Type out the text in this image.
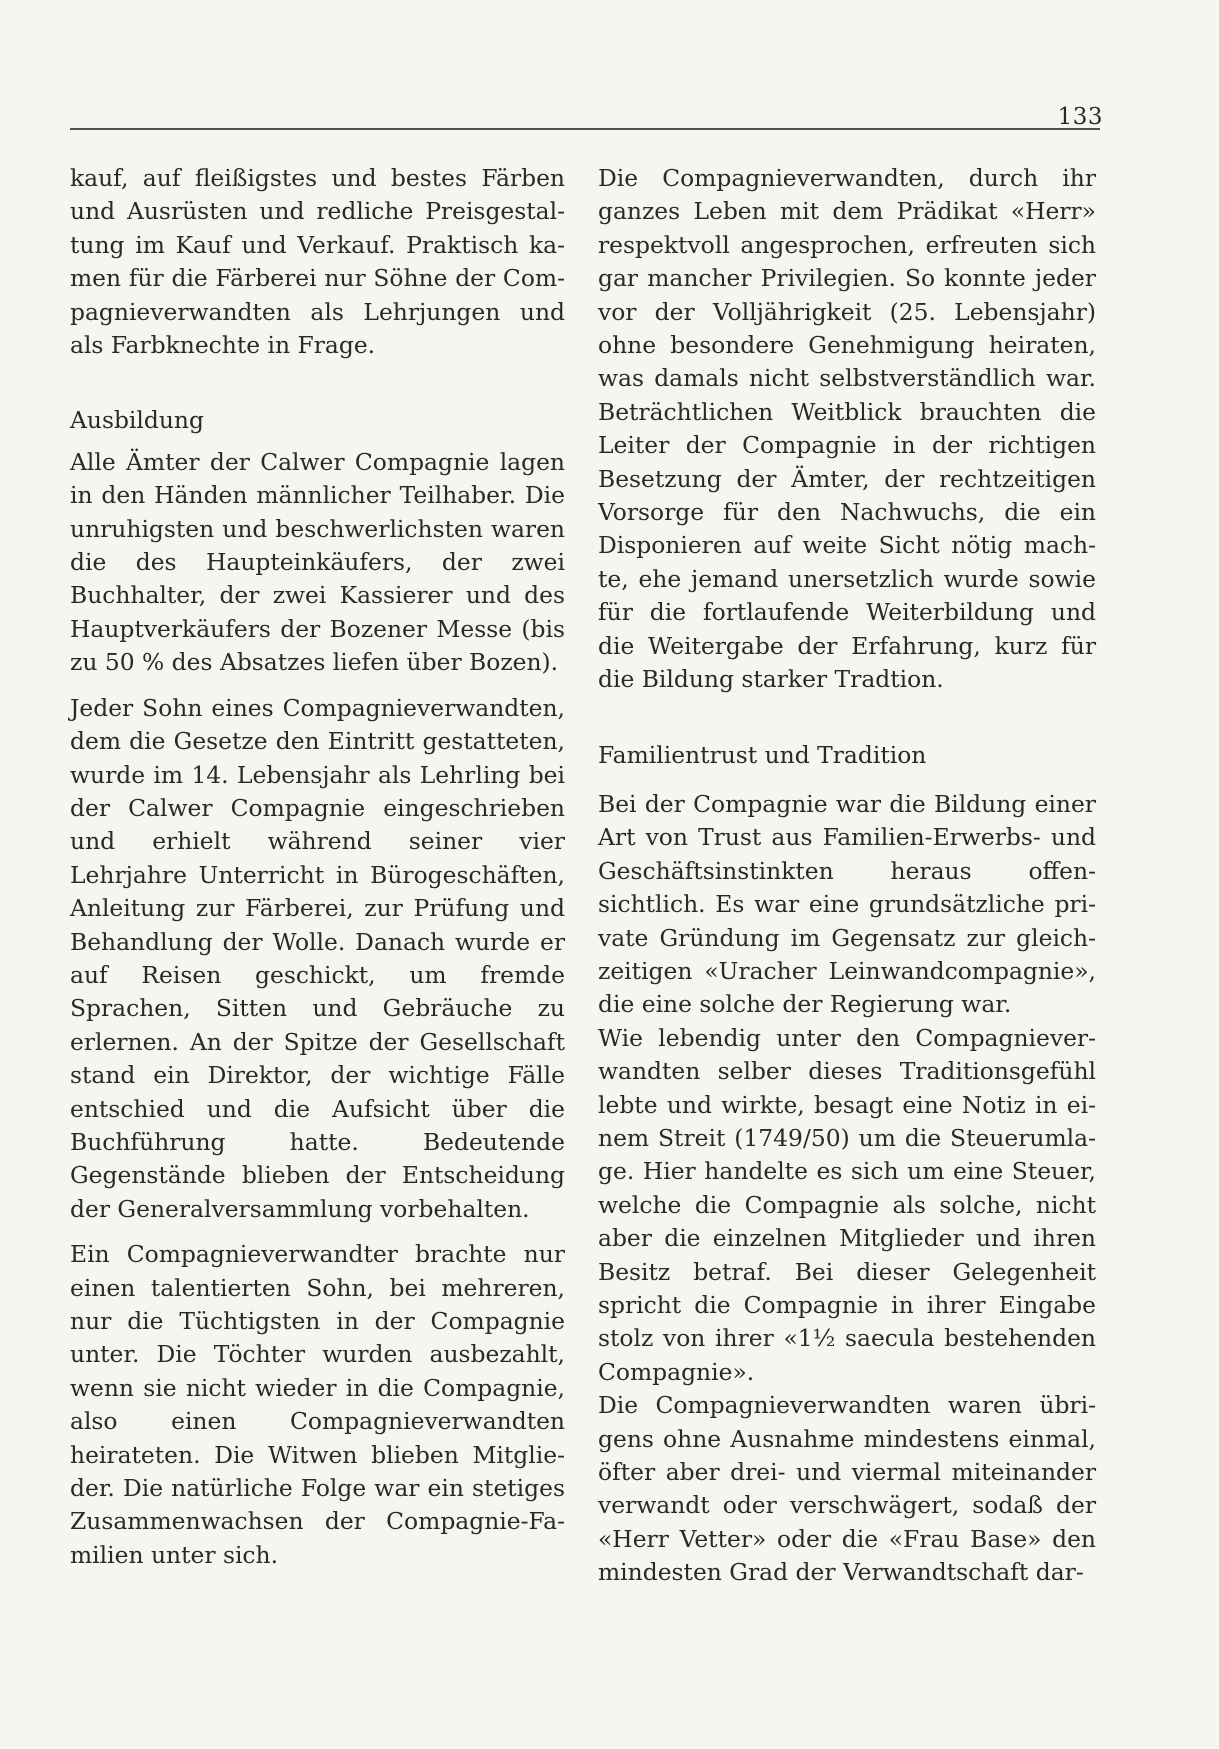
133

kauf, auf fleißigstes und bestes Färben und Ausrüsten und redliche Preisgestaltung im Kauf und Verkauf. Praktisch kamen für die Färberei nur Söhne der Compagnieverwandten als Lehrjungen und als Farbknechte in Frage.

Ausbildung

Alle Ämter der Calwer Compagnie lagen in den Händen männlicher Teilhaber. Die unruhigsten und beschwerlichsten waren die des Haupteinkäufers, der zwei Buchhalter, der zwei Kassierer und des Hauptverkäufers der Bozener Messe (bis zu 50 % des Absatzes liefen über Bozen).

Jeder Sohn eines Compagnieverwandten, dem die Gesetze den Eintritt gestatteten, wurde im 14. Lebensjahr als Lehrling bei der Calwer Compagnie eingeschrieben und erhielt während seiner vier Lehrjahre Unterricht in Bürogeschäften, Anleitung zur Färberei, zur Prüfung und Behandlung der Wolle. Danach wurde er auf Reisen geschickt, um fremde Sprachen, Sitten und Gebräuche zu erlernen. An der Spitze der Gesellschaft stand ein Direktor, der wichtige Fälle entschied und die Aufsicht über die Buchführung hatte. Bedeutende Gegenstände blieben der Entscheidung der Generalversammlung vorbehalten.

Ein Compagnieverwandter brachte nur einen talentierten Sohn, bei mehreren, nur die Tüchtigsten in der Compagnie unter. Die Töchter wurden ausbezahlt, wenn sie nicht wieder in die Compagnie, also einen Compagnieverwandten heirateten. Die Witwen blieben Mitglieder. Die natürliche Folge war ein stetiges Zusammenwachsen der Compagnie-Familien unter sich.

Die Compagnieverwandten, durch ihr ganzes Leben mit dem Prädikat «Herr» respektvoll angesprochen, erfreuten sich gar mancher Privilegien. So konnte jeder vor der Volljährigkeit (25. Lebensjahr) ohne besondere Genehmigung heiraten, was damals nicht selbstverständlich war. Beträchtlichen Weitblick brauchten die Leiter der Compagnie in der richtigen Besetzung der Ämter, der rechtzeitigen Vorsorge für den Nachwuchs, die ein Disponieren auf weite Sicht nötig machte, ehe jemand unersetzlich wurde sowie für die fortlaufende Weiterbildung und die Weitergabe der Erfahrung, kurz für die Bildung starker Tradtion.

Familientrust und Tradition

Bei der Compagnie war die Bildung einer Art von Trust aus Familien-Erwerbs- und Geschäftsinstinkten heraus offensichtlich. Es war eine grundsätzliche private Gründung im Gegensatz zur gleichzeitigen «Uracher Leinwandcompagnie», die eine solche der Regierung war.

Wie lebendig unter den Compagnieverwandten selber dieses Traditionsgefühl lebte und wirkte, besagt eine Notiz in einem Streit (1749/50) um die Steuerumlage. Hier handelte es sich um eine Steuer, welche die Compagnie als solche, nicht aber die einzelnen Mitglieder und ihren Besitz betraf. Bei dieser Gelegenheit spricht die Compagnie in ihrer Eingabe stolz von ihrer «1½ saecula bestehenden Compagnie».

Die Compagnieverwandten waren übrigens ohne Ausnahme mindestens einmal, öfter aber drei- und viermal miteinander verwandt oder verschwägert, sodaß der «Herr Vetter» oder die «Frau Base» den mindesten Grad der Verwandtschaft dar-
